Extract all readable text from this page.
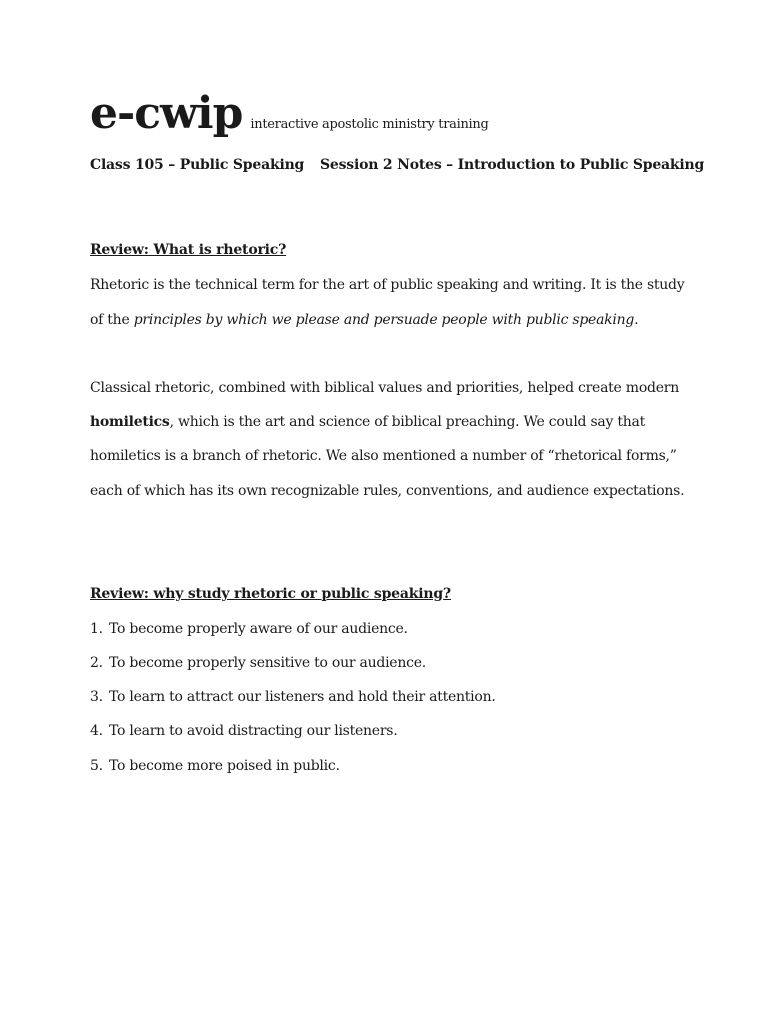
e-cwip interactive apostolic ministry training
Class 105 – Public Speaking Session 2 Notes – Introduction to Public Speaking
Review: What is rhetoric?
Rhetoric is the technical term for the art of public speaking and writing. It is the study
of the principles by which we please and persuade people with public speaking.
Classical rhetoric, combined with biblical values and priorities, helped create modern
homiletics, which is the art and science of biblical preaching. We could say that
homiletics is a branch of rhetoric. We also mentioned a number of “rhetorical forms,”
each of which has its own recognizable rules, conventions, and audience expectations.
Review: why study rhetoric or public speaking?
1. To become properly aware of our audience.
2. To become properly sensitive to our audience.
3. To learn to attract our listeners and hold their attention.
4. To learn to avoid distracting our listeners.
5. To become more poised in public.
